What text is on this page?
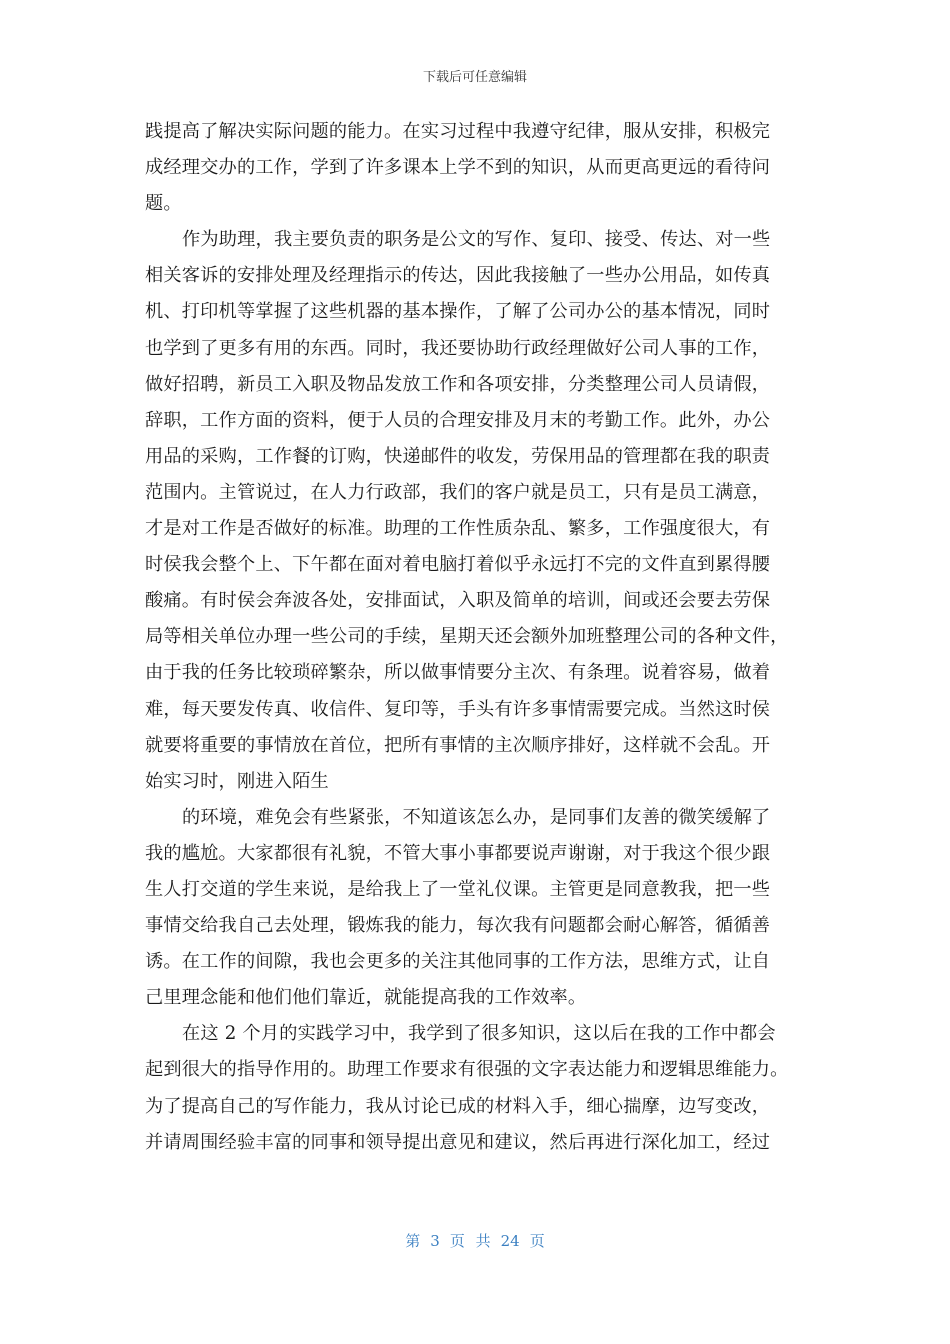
下载后可任意编辑
践提高了解决实际问题的能力。在实习过程中我遵守纪律，服从安排，积极完
成经理交办的工作，学到了许多课本上学不到的知识，从而更高更远的看待问
题。
作为助理，我主要负责的职务是公文的写作、复印、接受、传达、对一些
相关客诉的安排处理及经理指示的传达，因此我接触了一些办公用品，如传真
机、打印机等掌握了这些机器的基本操作，了解了公司办公的基本情况，同时
也学到了更多有用的东西。同时，我还要协助行政经理做好公司人事的工作，
做好招聘，新员工入职及物品发放工作和各项安排，分类整理公司人员请假，
辞职，工作方面的资料，便于人员的合理安排及月末的考勤工作。此外，办公
用品的采购，工作餐的订购，快递邮件的收发，劳保用品的管理都在我的职责
范围内。主管说过，在人力行政部，我们的客户就是员工，只有是员工满意，
才是对工作是否做好的标准。助理的工作性质杂乱、繁多，工作强度很大，有
时侯我会整个上、下午都在面对着电脑打着似乎永远打不完的文件直到累得腰
酸痛。有时侯会奔波各处，安排面试，入职及简单的培训，间或还会要去劳保
局等相关单位办理一些公司的手续，星期天还会额外加班整理公司的各种文件，
由于我的任务比较琐碎繁杂，所以做事情要分主次、有条理。说着容易，做着
难，每天要发传真、收信件、复印等，手头有许多事情需要完成。当然这时侯
就要将重要的事情放在首位，把所有事情的主次顺序排好，这样就不会乱。开
始实习时，刚进入陌生
的环境，难免会有些紧张，不知道该怎么办，是同事们友善的微笑缓解了
我的尴尬。大家都很有礼貌，不管大事小事都要说声谢谢，对于我这个很少跟
生人打交道的学生来说，是给我上了一堂礼仪课。主管更是同意教我，把一些
事情交给我自己去处理，锻炼我的能力，每次我有问题都会耐心解答，循循善
诱。在工作的间隙，我也会更多的关注其他同事的工作方法，思维方式，让自
己里理念能和他们他们靠近，就能提高我的工作效率。
在这 2 个月的实践学习中，我学到了很多知识，这以后在我的工作中都会
起到很大的指导作用的。助理工作要求有很强的文字表达能力和逻辑思维能力。
为了提高自己的写作能力，我从讨论已成的材料入手，细心揣摩，边写变改，
并请周围经验丰富的同事和领导提出意见和建议，然后再进行深化加工，经过
第 3 页 共 24 页
